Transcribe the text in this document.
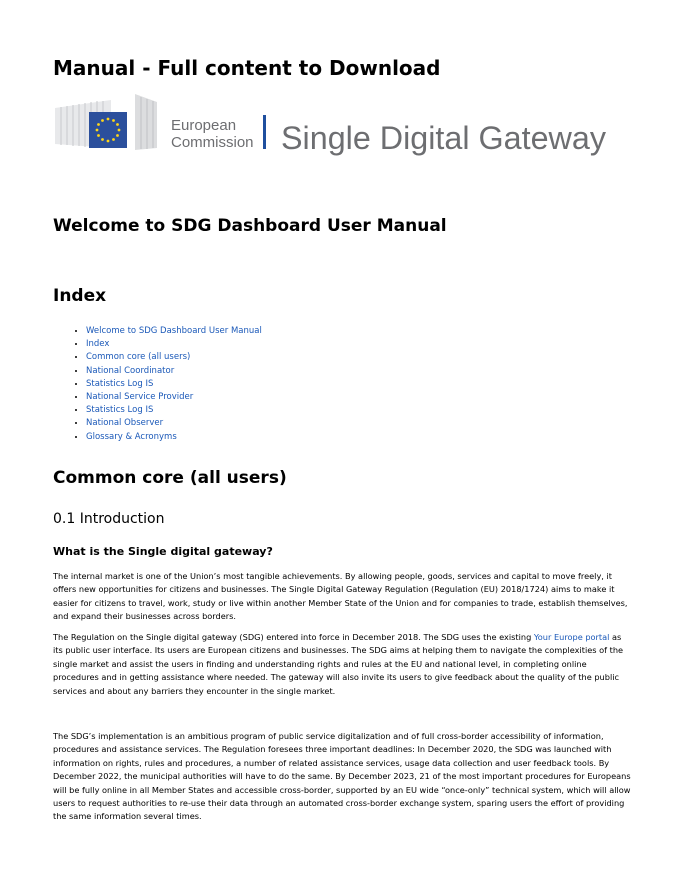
Manual - Full content to Download
European
Commission Single Digital Gateway
Welcome to SDG Dashboard User Manual
Index
• Welcome to SDG Dashboard User Manual
• Index
• Common core (all users)
• National Coordinator
• Statistics Log IS
• National Service Provider
• Statistics Log IS
• National Observer
• Glossary & Acronyms
Common core (all users)
0.1 Introduction
What is the Single digital gateway?

The internal market is one of the Union’s most tangible achievements. By allowing people, goods, services and capital to move freely, it offers new opportunities for citizens and businesses. The Single Digital Gateway Regulation (Regulation (EU) 2018/1724) aims to make it easier for citizens to travel, work, study or live within another Member State of the Union and for companies to trade, establish themselves, and expand their businesses across borders.

The Regulation on the Single digital gateway (SDG) entered into force in December 2018. The SDG uses the existing Your Europe portal as its public user interface. Its users are European citizens and businesses. The SDG aims at helping them to navigate the complexities of the single market and assist the users in finding and understanding rights and rules at the EU and national level, in completing online procedures and in getting assistance where needed. The gateway will also invite its users to give feedback about the quality of the public services and about any barriers they encounter in the single market.

The SDG’s implementation is an ambitious program of public service digitalization and of full cross-border accessibility of information, procedures and assistance services. The Regulation foresees three important deadlines: In December 2020, the SDG was launched with information on rights, rules and procedures, a number of related assistance services, usage data collection and user feedback tools. By December 2022, the municipal authorities will have to do the same. By December 2023, 21 of the most important procedures for Europeans will be fully online in all Member States and accessible cross-border, supported by an EU wide “once-only” technical system, which will allow users to request authorities to re-use their data through an automated cross-border exchange system, sparing users the effort of providing the same information several times.
